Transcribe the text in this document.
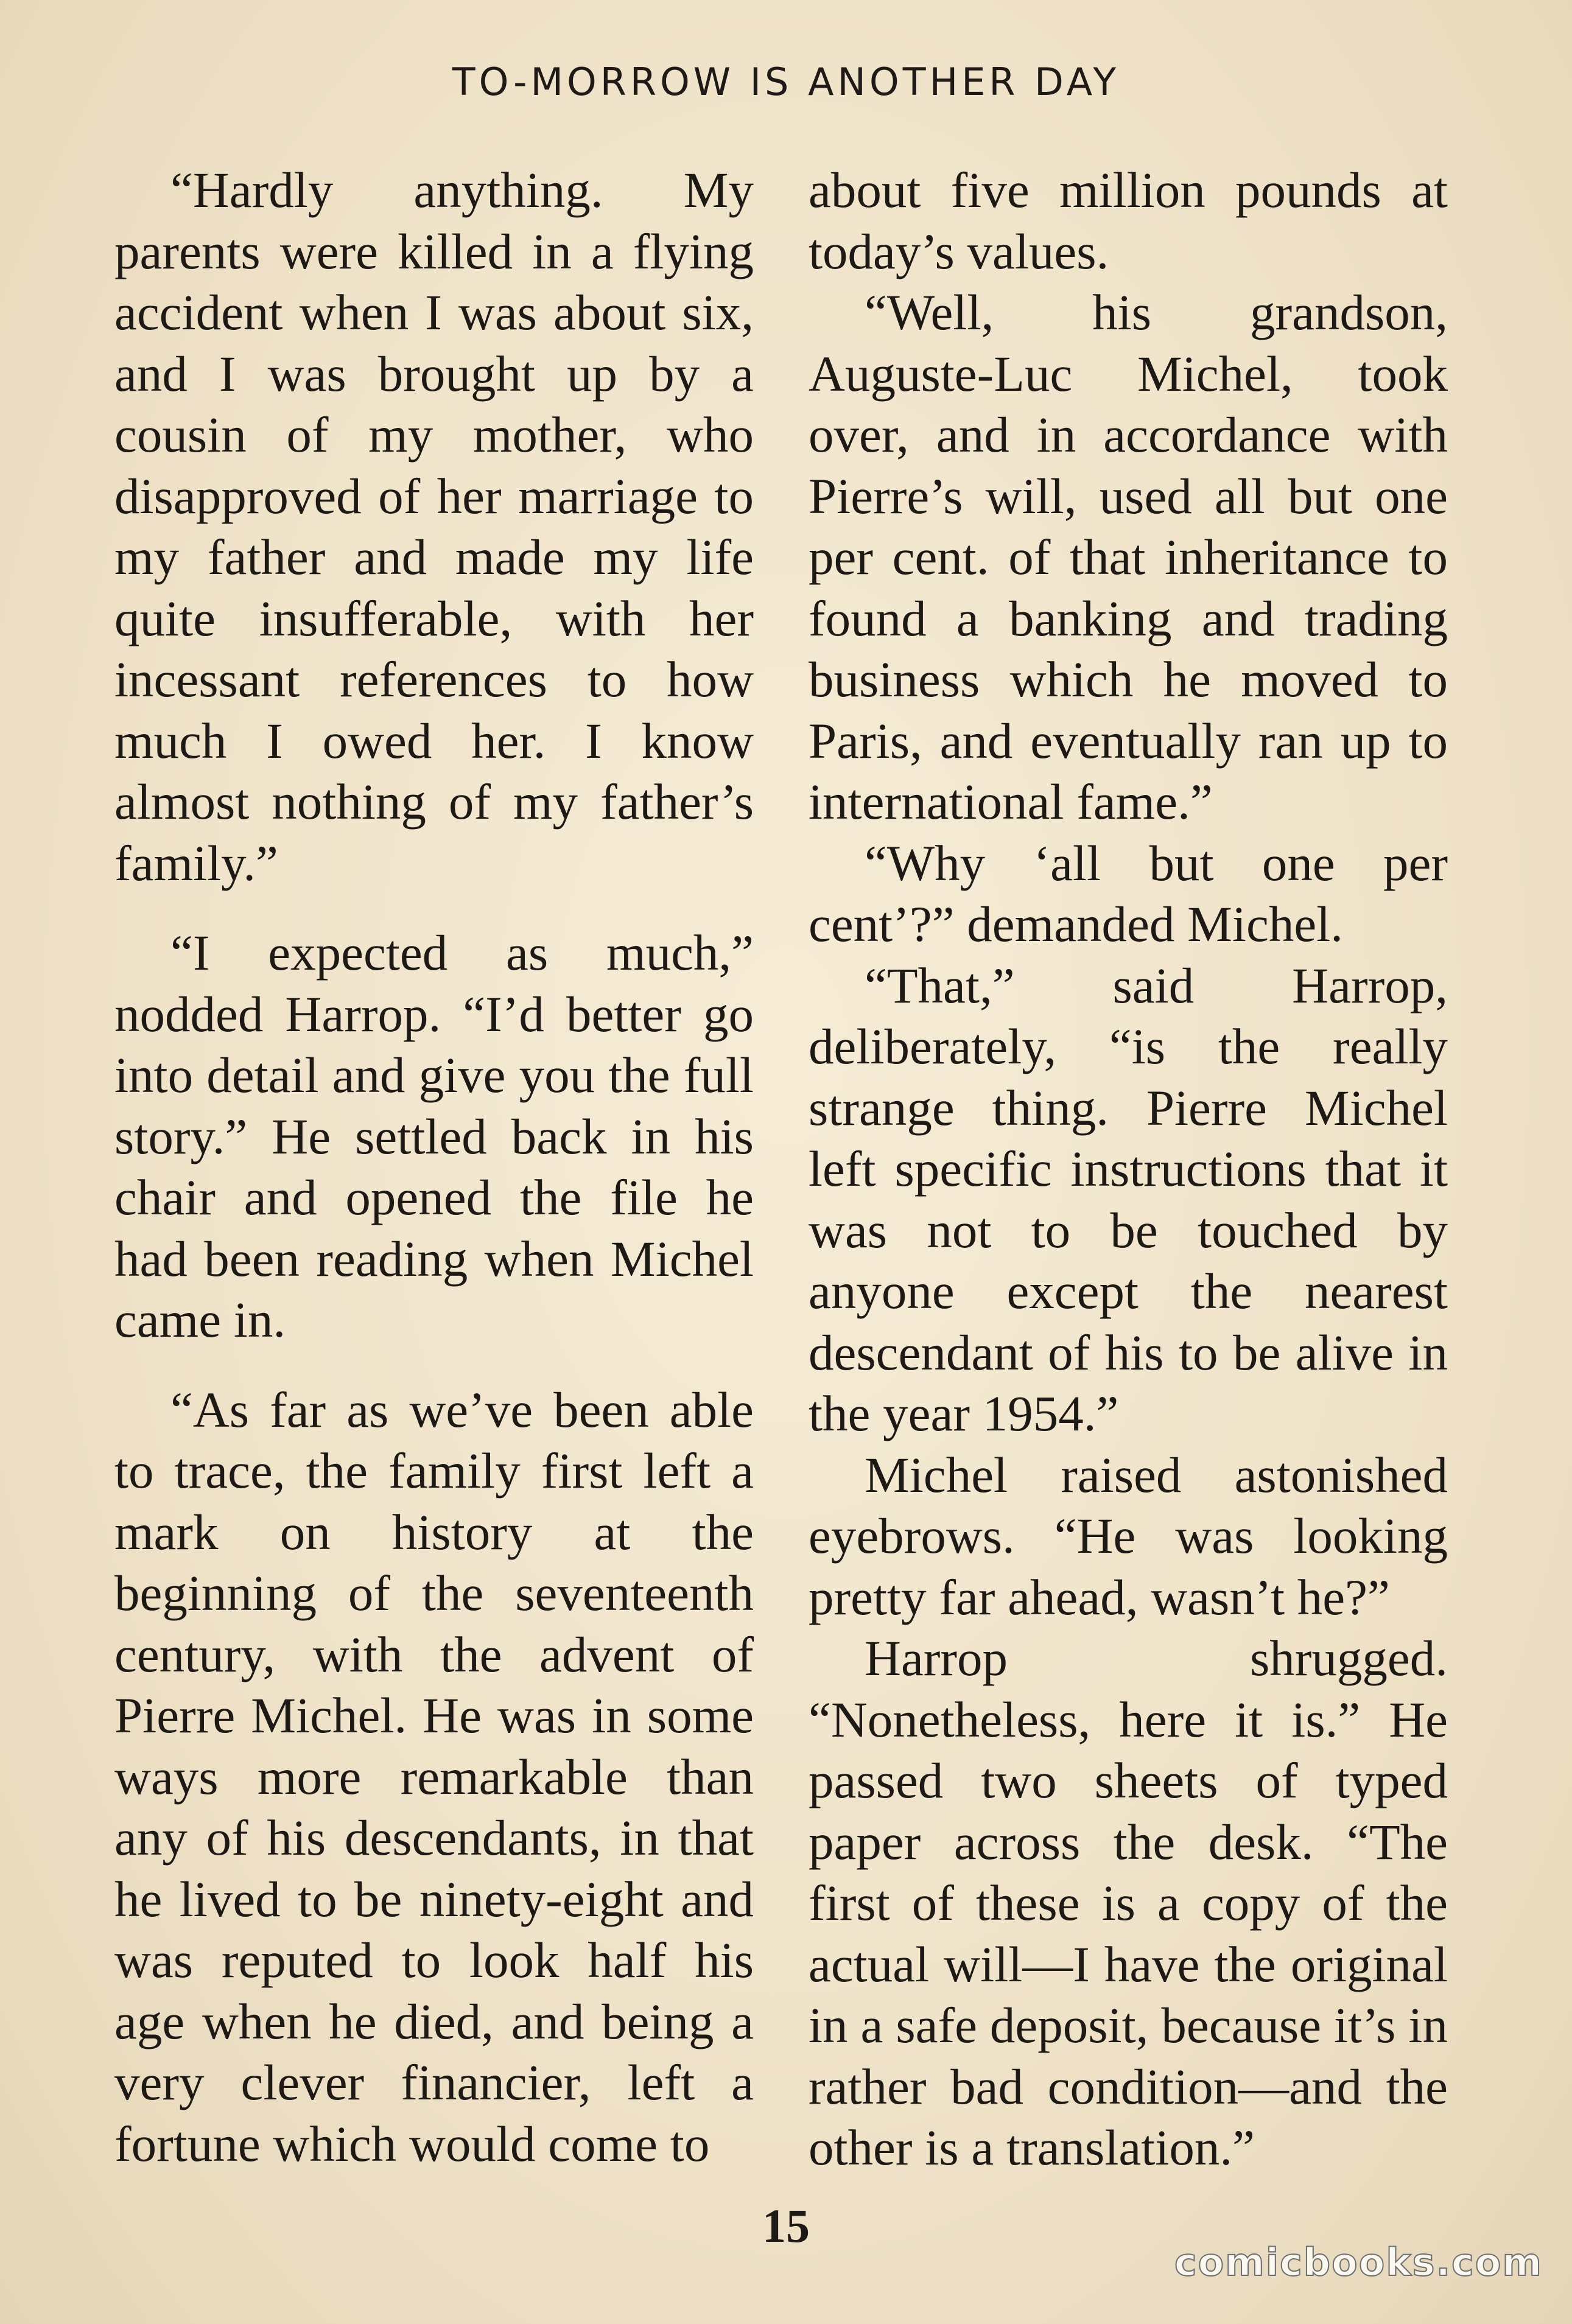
TO-MORROW IS ANOTHER DAY

“Hardly anything. My parents were killed in a flying accident when I was about six, and I was brought up by a cousin of my mother, who disapproved of her marriage to my father and made my life quite insufferable, with her incessant references to how much I owed her. I know almost nothing of my father’s family.”

“I expected as much,” nodded Harrop. “I’d better go into detail and give you the full story.” He settled back in his chair and opened the file he had been reading when Michel came in.

“As far as we’ve been able to trace, the family first left a mark on history at the beginning of the seventeenth century, with the advent of Pierre Michel. He was in some ways more remarkable than any of his descendants, in that he lived to be ninety-eight and was reputed to look half his age when he died, and being a very clever financier, left a fortune which would come to

about five million pounds at today’s values.

“Well, his grandson, Auguste-Luc Michel, took over, and in accordance with Pierre’s will, used all but one per cent. of that inheritance to found a banking and trading business which he moved to Paris, and eventually ran up to international fame.”

“Why ‘all but one per cent’?” demanded Michel.

“That,” said Harrop, deliberately, “is the really strange thing. Pierre Michel left specific instructions that it was not to be touched by anyone except the nearest descendant of his to be alive in the year 1954.”

Michel raised astonished eyebrows. “He was looking pretty far ahead, wasn’t he?”

Harrop shrugged. “Nonetheless, here it is.” He passed two sheets of typed paper across the desk. “The first of these is a copy of the actual will—I have the original in a safe deposit, because it’s in rather bad condition—and the other is a translation.”

15
comicbooks.com
